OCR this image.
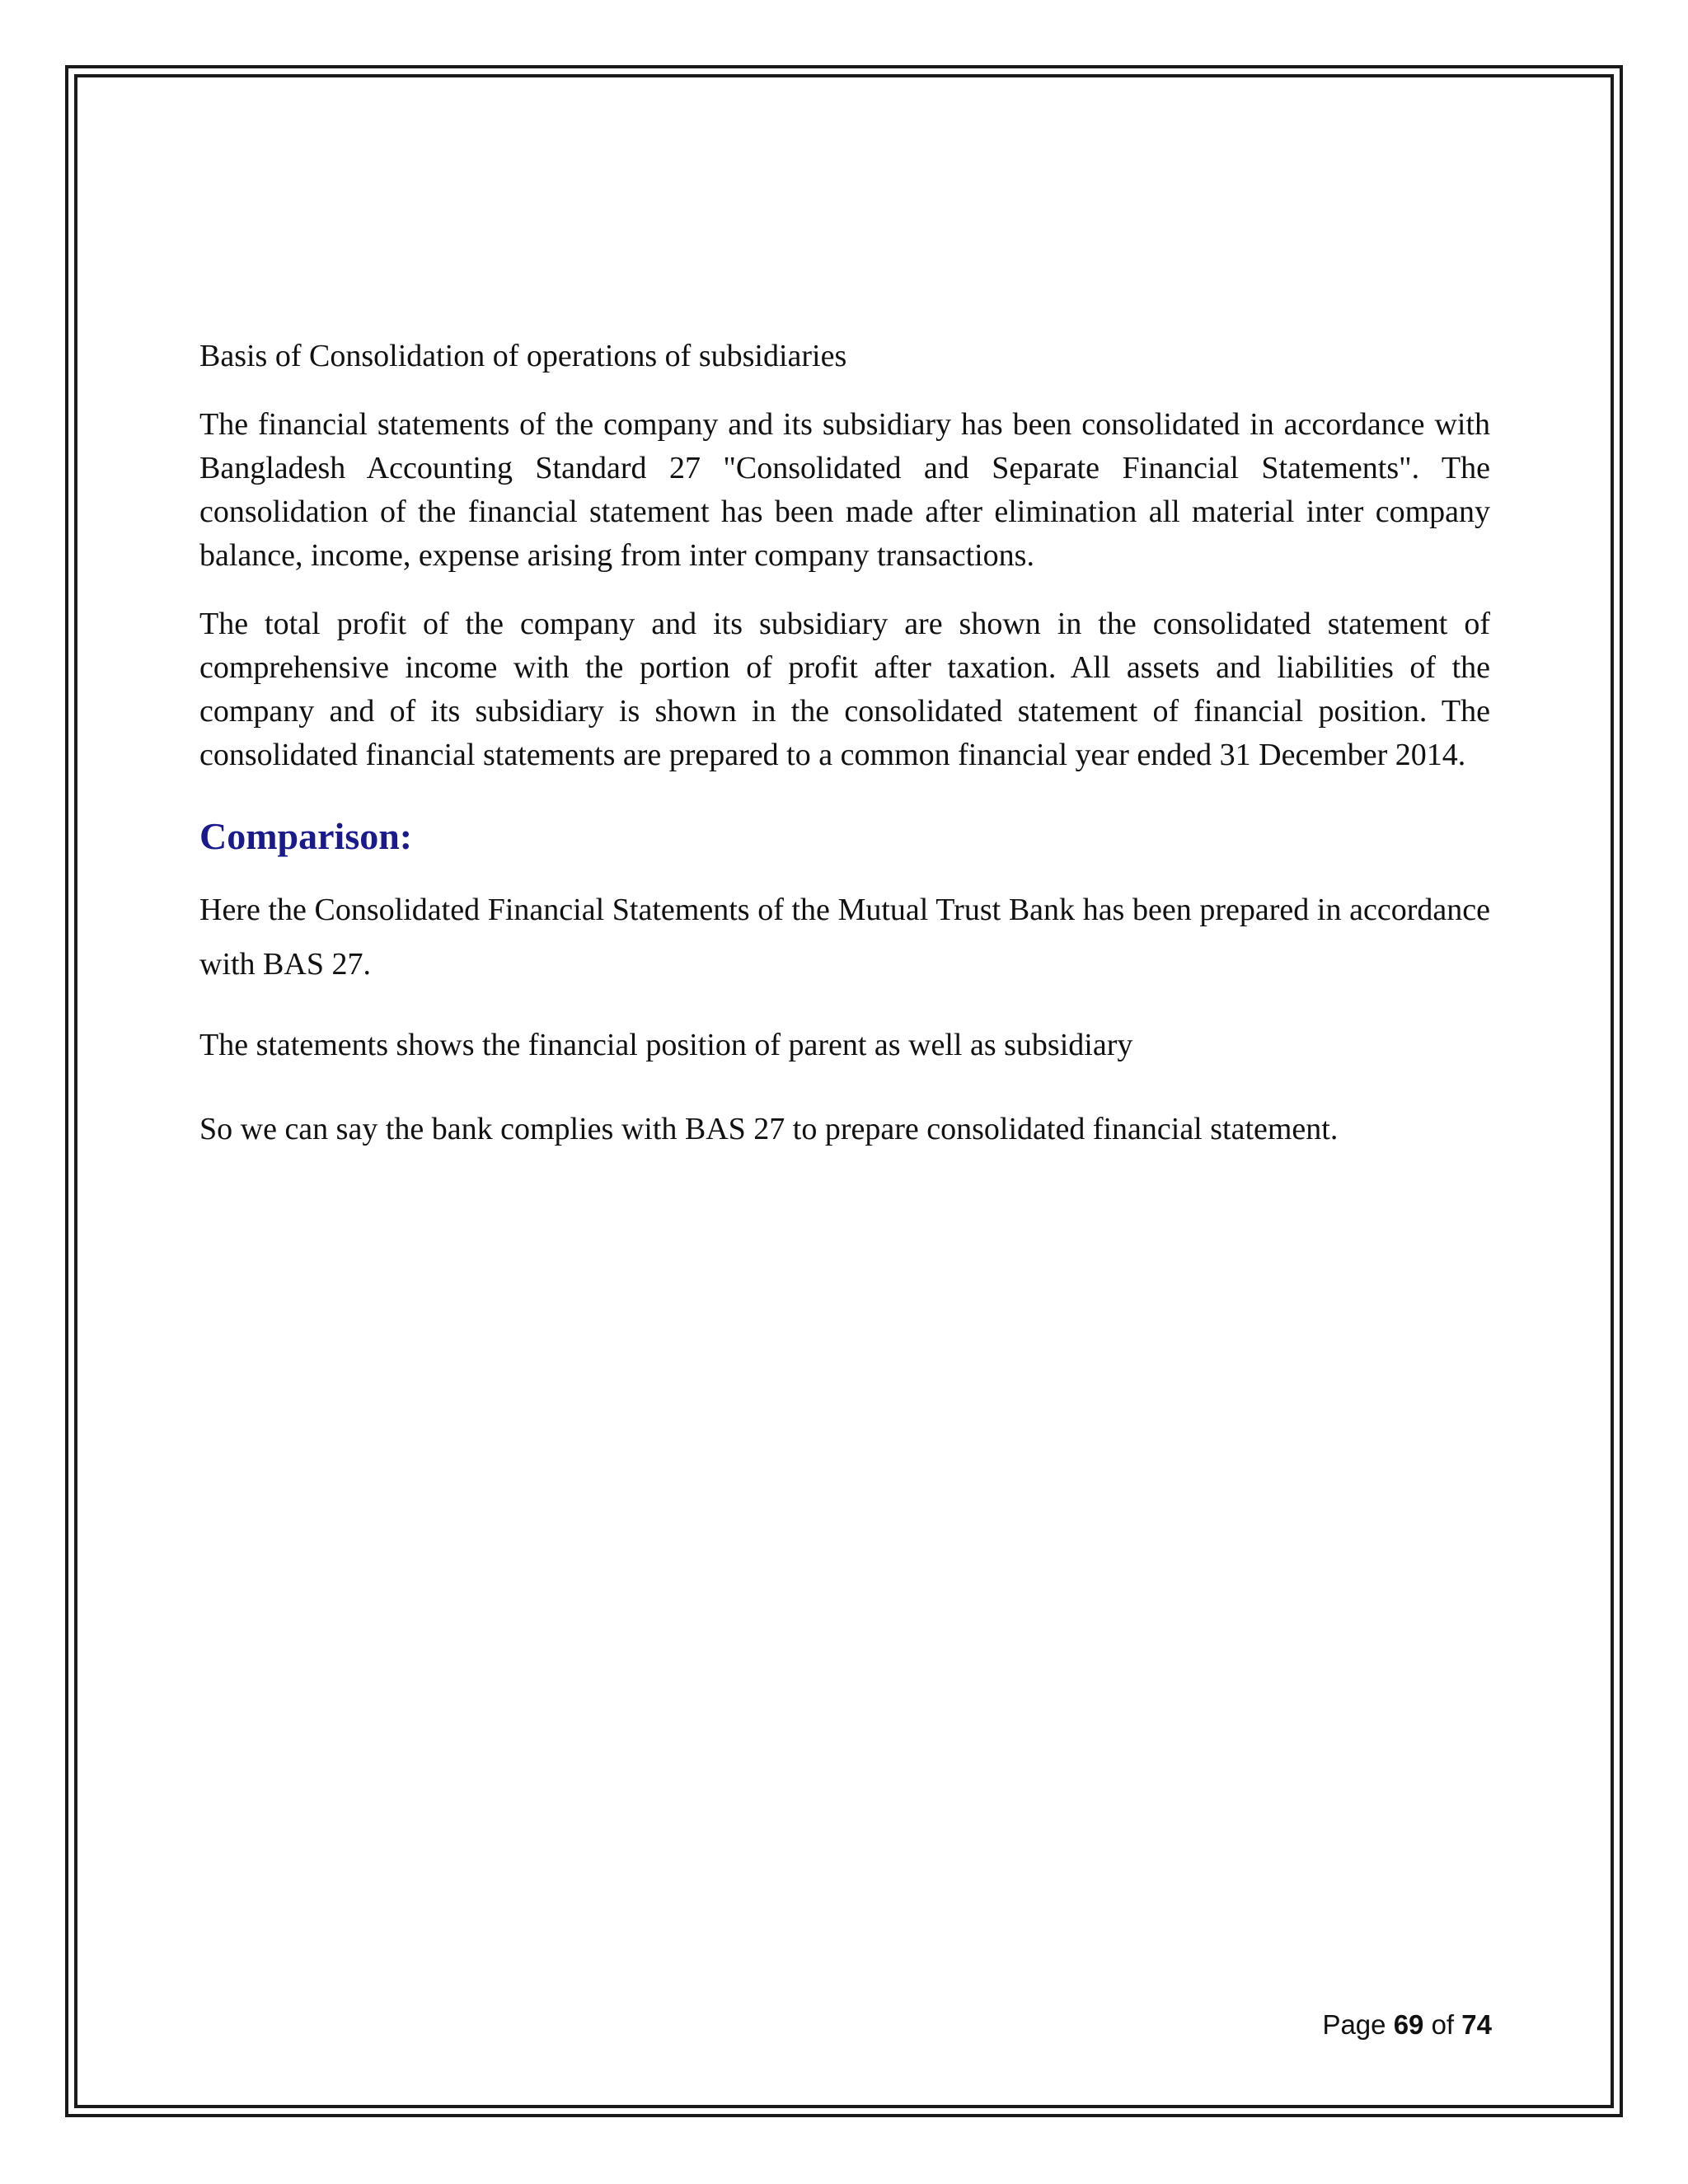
Basis of Consolidation of operations of subsidiaries

The financial statements of the company and its subsidiary has been consolidated in accordance with Bangladesh Accounting Standard 27 "Consolidated and Separate Financial Statements". The consolidation of the financial statement has been made after elimination all material inter company balance, income, expense arising from inter company transactions.

The total profit of the company and its subsidiary are shown in the consolidated statement of comprehensive income with the portion of profit after taxation. All assets and liabilities of the company and of its subsidiary is shown in the consolidated statement of financial position. The consolidated financial statements are prepared to a common financial year ended 31 December 2014.

Comparison:

Here the Consolidated Financial Statements of the Mutual Trust Bank has been prepared in accordance with BAS 27.

The statements shows the financial position of parent as well as subsidiary

So we can say the bank complies with BAS 27 to prepare consolidated financial statement.

Page 69 of 74
